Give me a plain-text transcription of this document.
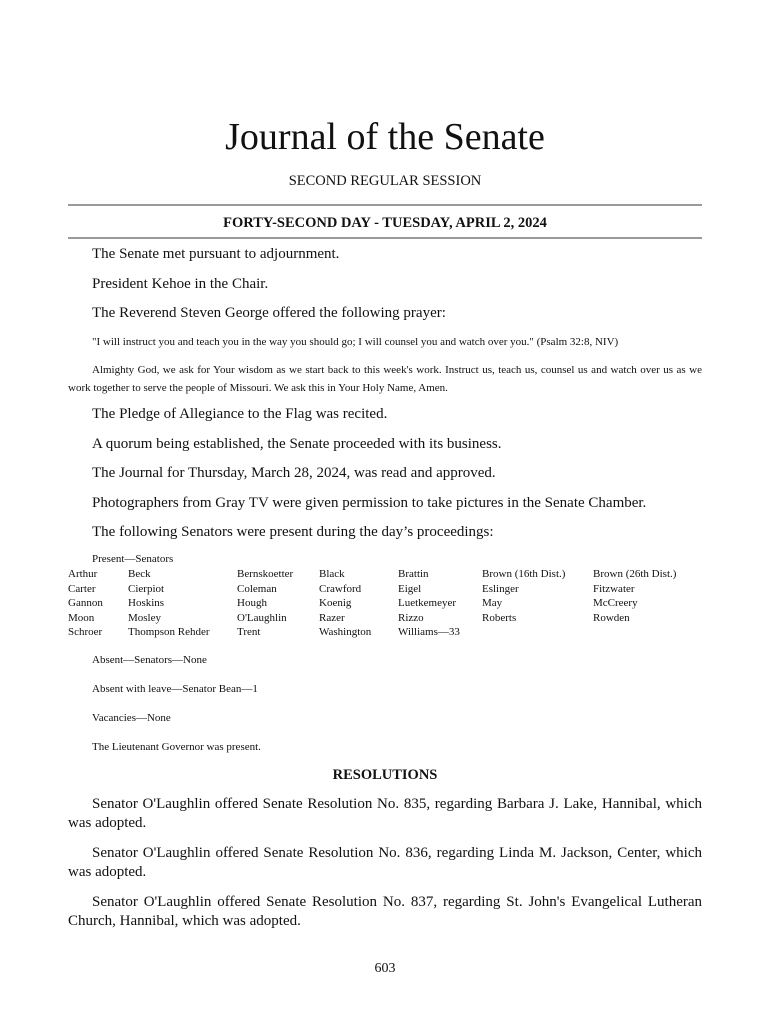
Journal of the Senate
SECOND REGULAR SESSION
FORTY-SECOND DAY - TUESDAY, APRIL 2, 2024

The Senate met pursuant to adjournment.

President Kehoe in the Chair.

The Reverend Steven George offered the following prayer:

"I will instruct you and teach you in the way you should go; I will counsel you and watch over you." (Psalm 32:8, NIV)

Almighty God, we ask for Your wisdom as we start back to this week's work. Instruct us, teach us, counsel us and watch over us as we work together to serve the people of Missouri. We ask this in Your Holy Name, Amen.

The Pledge of Allegiance to the Flag was recited.

A quorum being established, the Senate proceeded with its business.

The Journal for Thursday, March 28, 2024, was read and approved.

Photographers from Gray TV were given permission to take pictures in the Senate Chamber.

The following Senators were present during the day’s proceedings:

Present—Senators

Arthur
Carter
Gannon
Moon
Schroer
Beck
Cierpiot
Hoskins
Mosley
Thompson Rehder
Bernskoetter
Coleman
Hough
O'Laughlin
Trent
Black
Crawford
Koenig
Razer
Washington
Brattin
Eigel
Luetkemeyer
Rizzo
Williams—33
Brown (16th Dist.)
Eslinger
May
Roberts
Brown (26th Dist.)
Fitzwater
McCreery
Rowden

Absent—Senators—None

Absent with leave—Senator Bean—1

Vacancies—None

The Lieutenant Governor was present.

RESOLUTIONS

Senator O'Laughlin offered Senate Resolution No. 835, regarding Barbara J. Lake, Hannibal, which was adopted.

Senator O'Laughlin offered Senate Resolution No. 836, regarding Linda M. Jackson, Center, which was adopted.

Senator O'Laughlin offered Senate Resolution No. 837, regarding St. John's Evangelical Lutheran Church, Hannibal, which was adopted.

603
